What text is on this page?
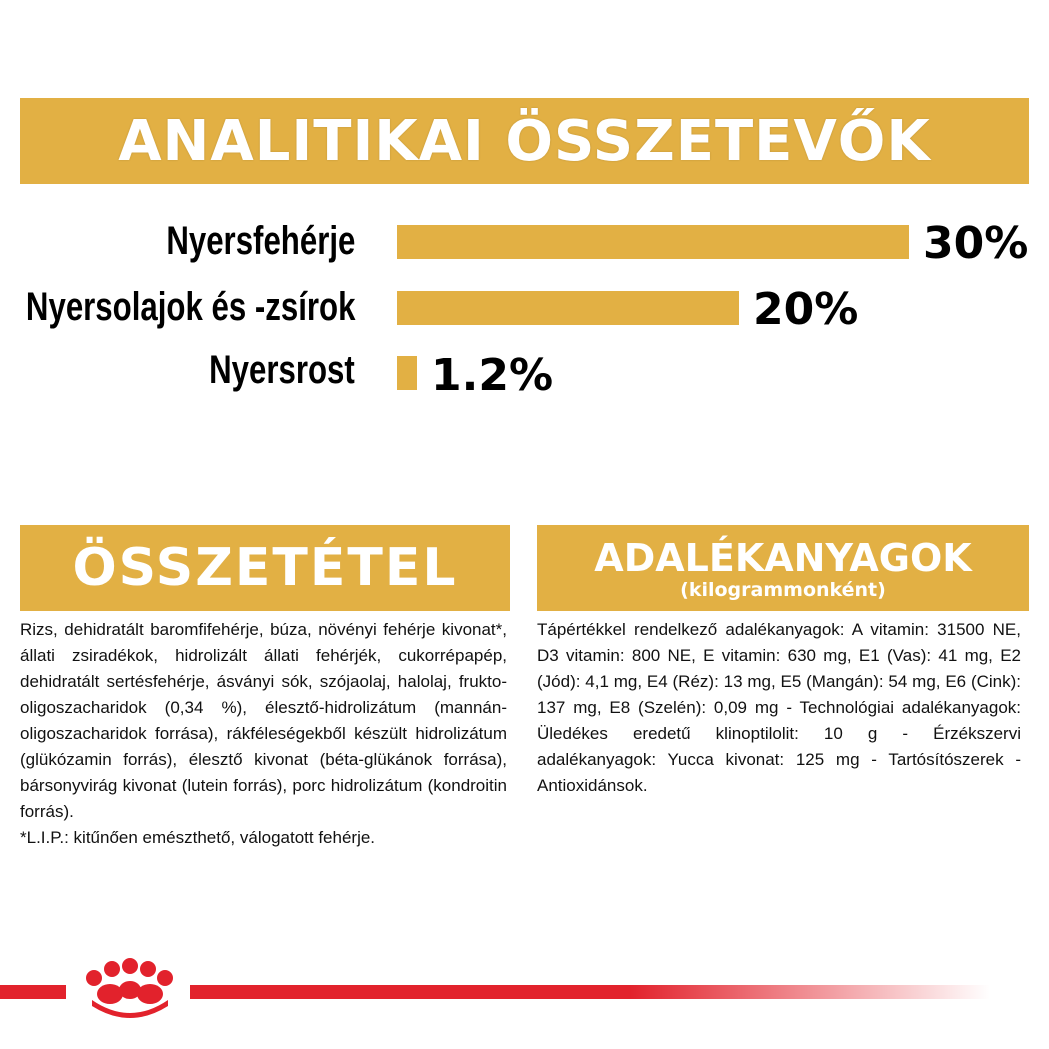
ANALITIKAI ÖSSZETEVŐK
Nyersfehérje	30%
Nyersolajok és -zsírok	20%
Nyersrost 1.2%
ÖSSZETÉTEL	ADALÉKANYAGOK
(kilogrammonként)

Rizs, dehidratált baromfifehérje, búza, növényi fehérje kivonat*, állati zsiradékok, hidrolizált állati fehérjék, cukorrépapép, dehidratált sertésfehérje, ásványi sók, szójaolaj, halolaj, frukto-oligoszacharidok (0,34 %), élesztő-hidrolizátum (mannán-oligoszacharidok forrása), rákféleségekből készült hidrolizátum (glükózamin forrás), élesztő kivonat (béta-glükánok forrása), bársonyvirág kivonat (lutein forrás), porc hidrolizátum (kondroitin forrás).

*L.I.P.: kitűnően emészthető, válogatott fehérje.

Tápértékkel rendelkező adalékanyagok: A vitamin: 31500 NE, D3 vitamin: 800 NE, E vitamin: 630 mg, E1 (Vas): 41 mg, E2 (Jód): 4,1 mg, E4 (Réz): 13 mg, E5 (Mangán): 54 mg, E6 (Cink): 137 mg, E8 (Szelén): 0,09 mg - Technológiai adalékanyagok: Üledékes eredetű klinoptilolit: 10 g - Érzékszervi adalékanyagok: Yucca kivonat: 125 mg - Tartósítószerek - Antioxidánsok.
